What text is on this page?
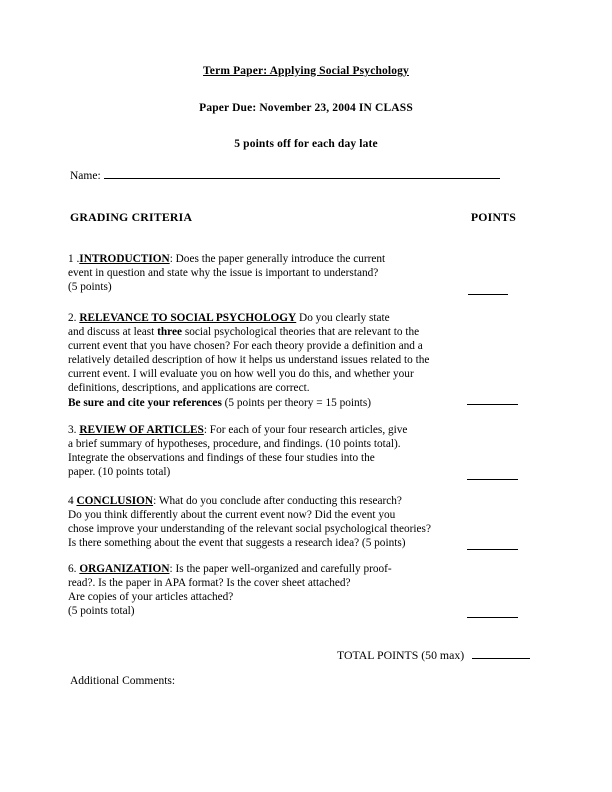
Term Paper: Applying Social Psychology
Paper Due: November 23, 2004 IN CLASS
5 points off for each day late
Name:
GRADING CRITERIA	POINTS

1 .INTRODUCTION: Does the paper generally introduce the current

event in question and state why the issue is important to understand?

(5 points)

2. RELEVANCE TO SOCIAL PSYCHOLOGY Do you clearly state

and discuss at least three social psychological theories that are relevant to the

current event that you have chosen? For each theory provide a definition and a

relatively detailed description of how it helps us understand issues related to the

current event. I will evaluate you on how well you do this, and whether your

definitions, descriptions, and applications are correct.

Be sure and cite your references (5 points per theory = 15 points)

3. REVIEW OF ARTICLES: For each of your four research articles, give

a brief summary of hypotheses, procedure, and findings. (10 points total).

Integrate the observations and findings of these four studies into the

paper. (10 points total)

4 CONCLUSION: What do you conclude after conducting this research?

Do you think differently about the current event now? Did the event you

chose improve your understanding of the relevant social psychological theories?

Is there something about the event that suggests a research idea? (5 points)

6. ORGANIZATION: Is the paper well-organized and carefully proof-

read?. Is the paper in APA format? Is the cover sheet attached?

Are copies of your articles attached?

(5 points total)

TOTAL POINTS (50 max)
Additional Comments:
